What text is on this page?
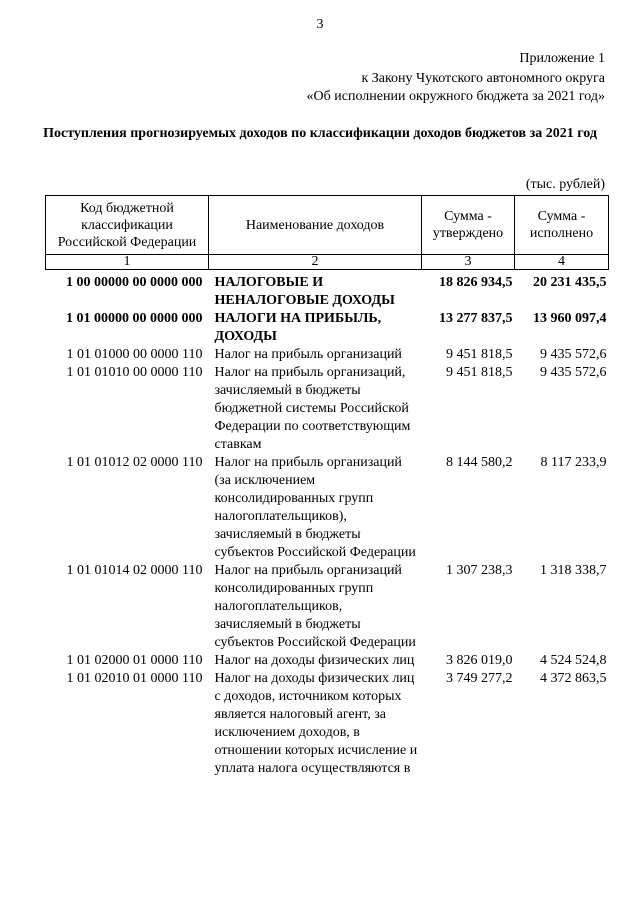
3
Приложение 1
к Закону Чукотского автономного округа
«Об исполнении окружного бюджета за 2021 год»
Поступления прогнозируемых доходов по классификации доходов бюджетов за 2021 год
(тыс. рублей)
Код бюджетной классификации Российской Федерации	Наименование доходов	Сумма - утверждено	Сумма - исполнено
1	2	3	4
1 00 00000 00 0000 000	НАЛОГОВЫЕ И НЕНАЛОГОВЫЕ ДОХОДЫ	18 826 934,5	20 231 435,5
1 01 00000 00 0000 000	НАЛОГИ НА ПРИБЫЛЬ, ДОХОДЫ	13 277 837,5	13 960 097,4
1 01 01000 00 0000 110	Налог на прибыль организаций	9 451 818,5	9 435 572,6
1 01 01010 00 0000 110	Налог на прибыль организаций, зачисляемый в бюджеты бюджетной системы Российской Федерации по соответствующим ставкам	9 451 818,5	9 435 572,6
1 01 01012 02 0000 110	Налог на прибыль организаций (за исключением консолидированных групп налогоплательщиков), зачисляемый в бюджеты субъектов Российской Федерации	8 144 580,2	8 117 233,9
1 01 01014 02 0000 110	Налог на прибыль организаций консолидированных групп налогоплательщиков, зачисляемый в бюджеты субъектов Российской Федерации	1 307 238,3	1 318 338,7
1 01 02000 01 0000 110	Налог на доходы физических лиц	3 826 019,0	4 524 524,8
1 01 02010 01 0000 110	Налог на доходы физических лиц с доходов, источником которых является налоговый агент, за исключением доходов, в отношении которых исчисление и уплата налога осуществляются в	3 749 277,2	4 372 863,5
